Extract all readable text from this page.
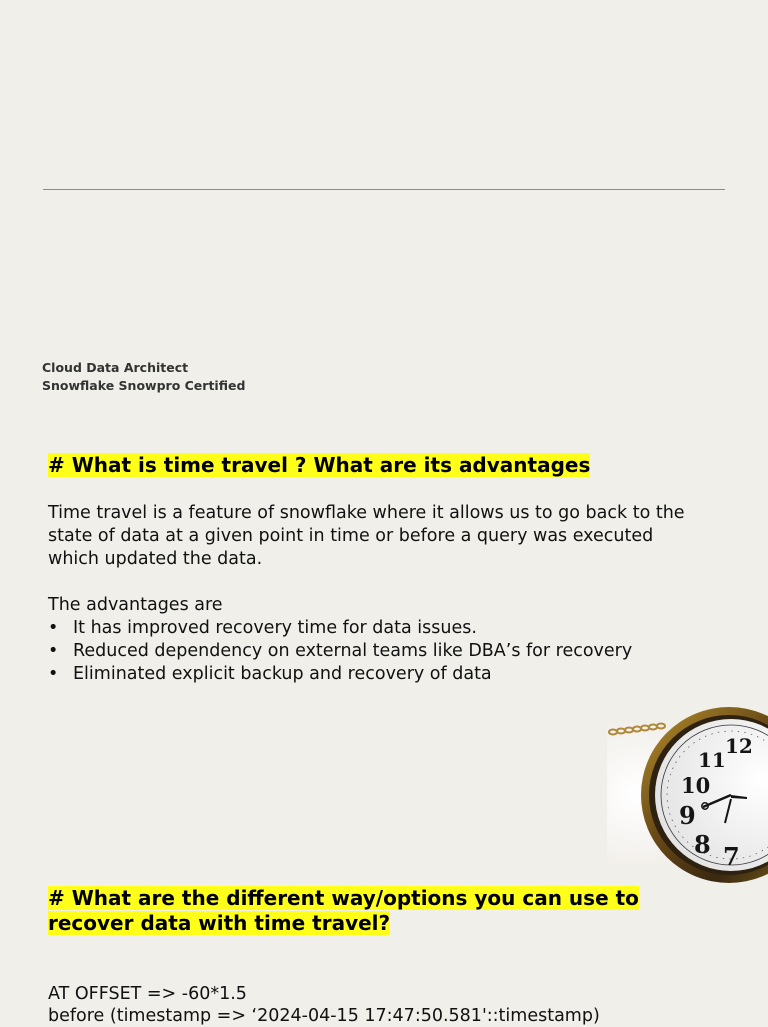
Cloud Data Architect
Snowflake Snowpro Certified
# What is time travel ? What are its advantages
Time travel is a feature of snowflake where it allows us to go back to the state of data at a given point in time or before a query was executed which updated the data.
The advantages are
• It has improved recovery time for data issues.
• Reduced dependency on external teams like DBA’s for recovery
• Eliminated explicit backup and recovery of data
12
11
10
9
8 7
# What are the different way/options you can use to
recover data with time travel?
AT OFFSET => -60*1.5
before (timestamp => ‘2024-04-15 17:47:50.581'::timestamp)
